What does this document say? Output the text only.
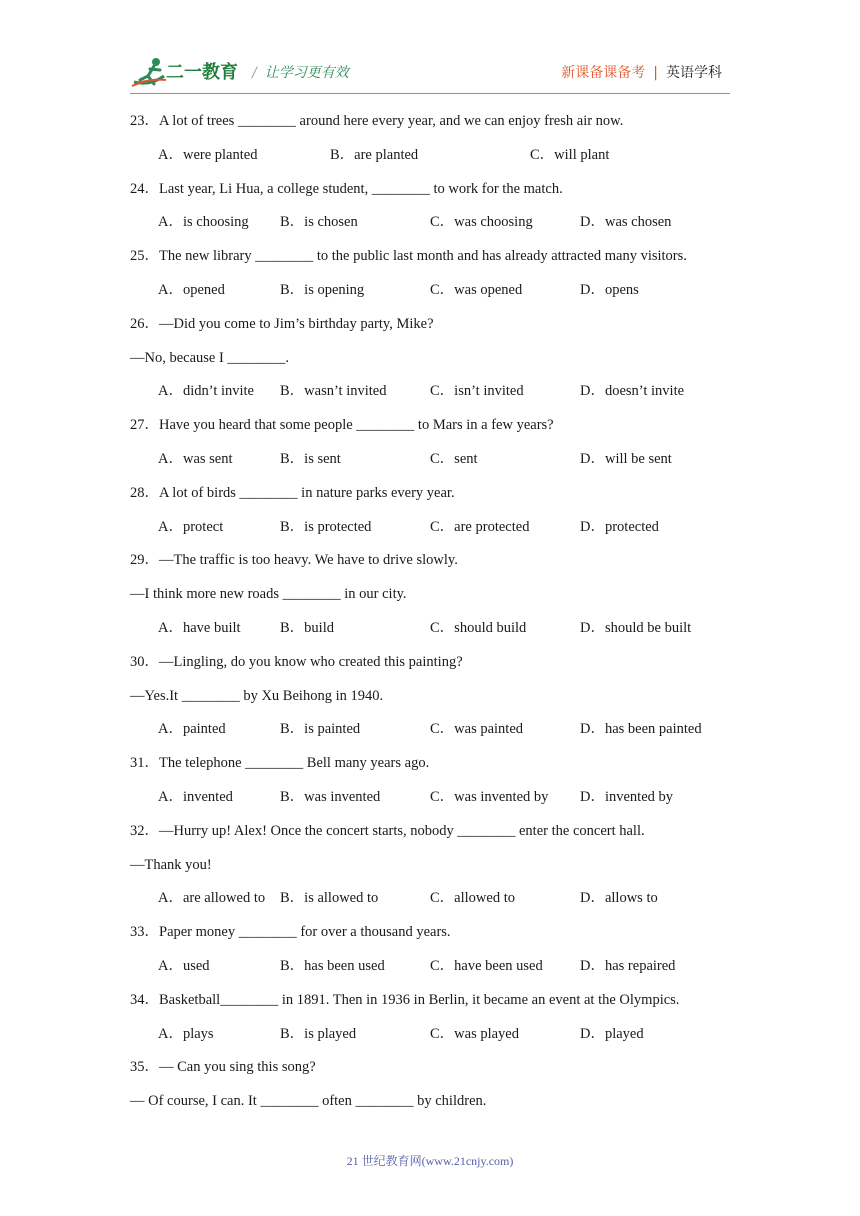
二一教育 / 让学习更有效	新课备课备考 | 英语学科
23．A lot of trees ________ around here every year, and we can enjoy fresh air now.
A．were planted	B．are planted	C．will plant
24．Last year, Li Hua, a college student, ________ to work for the match.
A．is choosing B．is chosen	C．was choosing	D．was chosen
25．The new library ________ to the public last month and has already attracted many visitors.
A．opened	B．is opening	C．was opened	D．opens
26．—Did you come to Jim’s birthday party, Mike?
—No, because I ________.
A．didn’t invite B．wasn’t invited	C．isn’t invited	D．doesn’t invite
27．Have you heard that some people ________ to Mars in a few years?
A．was sent	B．is sent	C．sent	D．will be sent
28．A lot of birds ________ in nature parks every year.
A．protect	B．is protected	C．are protected	D．protected
29．—The traffic is too heavy. We have to drive slowly.
—I think more new roads ________ in our city.
A．have built	B．build	C．should build	D．should be built
30．—Lingling, do you know who created this painting?
—Yes.It ________ by Xu Beihong in 1940.
A．painted	B．is painted	C．was painted	D．has been painted
31．The telephone ________ Bell many years ago.
A．invented	B．was invented	C．was invented by D．invented by
32．—Hurry up! Alex! Once the concert starts, nobody ________ enter the concert hall.
—Thank you!
A．are allowed to B．is allowed to	C．allowed to	D．allows to
33．Paper money ________ for over a thousand years.
A．used	B．has been used	C．have been used	D．has repaired
34．Basketball________ in 1891. Then in 1936 in Berlin, it became an event at the Olympics.
A．plays	B．is played	C．was played	D．played
35．— Can you sing this song?
— Of course, I can. It ________ often ________ by children.
21 世纪教育网(www.21cnjy.com)
